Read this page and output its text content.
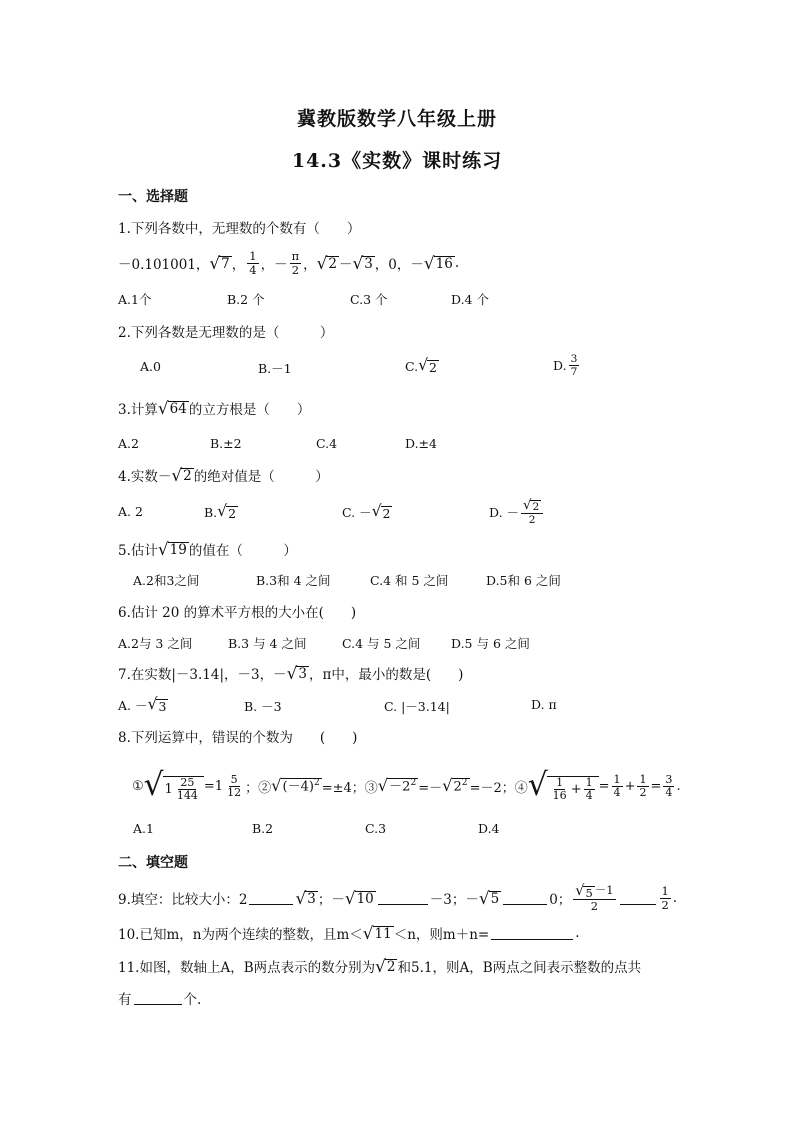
冀教版数学八年级上册
14.3《实数》课时练习
一、选择题
1.下列各数中，无理数的个数有（　　）
－0.101001， √ 7 ， $\frac{1}{4}$ ， － $\frac{\pi}{2}$ ， √ 2 － √ 3 ，0，－ √ 16 .
A.1个	B.2 个	C.3 个	D.4 个
2.下列各数是无理数的是（　　　）
A.0	B.－1	C. √ 2	D. $\frac{3}{7}$
3.计算 √ 64 的立方根是（　　）
A.2	B.±2	C.4	D.±4
4.实数－ √ 2 的绝对值是（　　　）
A. 2	B. √ 2	C. － √ 2	D. － $\frac{√ 2}{2}$
5.估计 √ 19 的值在（　　　）
A.2和3之间	B.3和 4 之间	C.4 和 5 之间	D.5和 6 之间
6.估计 20 的算术平方根的大小在(　　)
A.2与 3 之间	B.3 与 4 之间	C.4 与 5 之间 D.5 与 6 之间
7.在实数|－3.14|，－3，－ √ 3 ，π中，最小的数是(　　)
A. － √ 3	B. －3	C. |－3.14|	D. π
8.下列运算中，错误的个数为　　(　　)
① √ $1 \frac{25}{144} =1 \frac{5}{12}$ ；② √ $(-4)^2 =\pm 4$；③ √ $-2^2$ =－ √ $2^2 =-2$；④ √ $\frac{1}{16} + \frac{1}{4} = \frac{1}{4} + \frac{1}{2} = \frac{3}{4}$ .
A.1	B.2	C.3	D.4
二、填空题
9.填空：比较大小：2	√ 3 ；－ √ 10	－3；－ √ 5	0； $\frac{√ 5 -1}{2}$	$\frac{1}{2}$ .
10.已知m，n为两个连续的整数，且m＜ √ 11 ＜n，则m＋n=	.
11.如图，数轴上A，B两点表示的数分别为 √ 2 和5.1，则A，B两点之间表示整数的点共
有	个.
